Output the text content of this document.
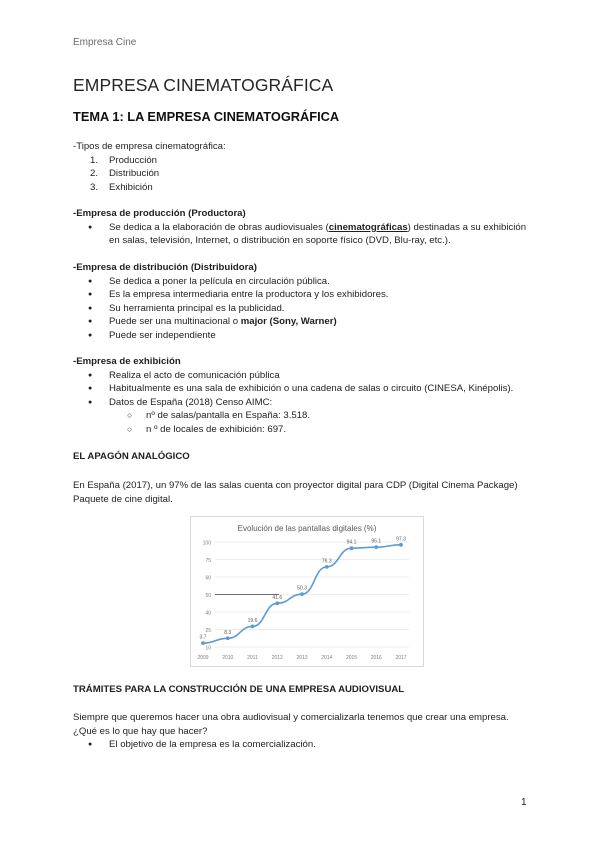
Empresa Cine
EMPRESA CINEMATOGRÁFICA
TEMA 1: LA EMPRESA CINEMATOGRÁFICA
-Tipos de empresa cinematográfica:
1. Producción
2. Distribución
3. Exhibición
-Empresa de producción (Productora)
● Se dedica a la elaboración de obras audiovisuales (cinematográficas) destinadas a su exhibición en salas, televisión, Internet, o distribución en soporte físico (DVD, Blu-ray, etc.).
-Empresa de distribución (Distribuidora)
● Se dedica a poner la película en circulación pública.
● Es la empresa intermediaria entre la productora y los exhibidores.
● Su herramienta principal es la publicidad.
● Puede ser una multinacional o major (Sony, Warner)
● Puede ser independiente
-Empresa de exhibición
● Realiza el acto de comunicación pública
● Habitualmente es una sala de exhibición o una cadena de salas o circuito (CINESA, Kinépolis).
● Datos de España (2018) Censo AIMC:
○ nº de salas/pantalla en España: 3.518.
○ n º de locales de exhibición: 697.
EL APAGÓN ANALÓGICO
En España (2017), un 97% de las salas cuenta con proyector digital para CDP (Digital Cinema Package) Paquete de cine digital.
Evolución de las pantallas digitales (%)
100
75
60
50
40
25
10
2009	2010	2011	2012	2013	2014	2015	2016	2017
3.7
8.3
19.6
41.6
50.3
76.3
94.1	95.1	97.3
TRÁMITES PARA LA CONSTRUCCIÓN DE UNA EMPRESA AUDIOVISUAL
Siempre que queremos hacer una obra audiovisual y comercializarla tenemos que crear una empresa. ¿Qué es lo que hay que hacer?
● El objetivo de la empresa es la comercialización.
1
